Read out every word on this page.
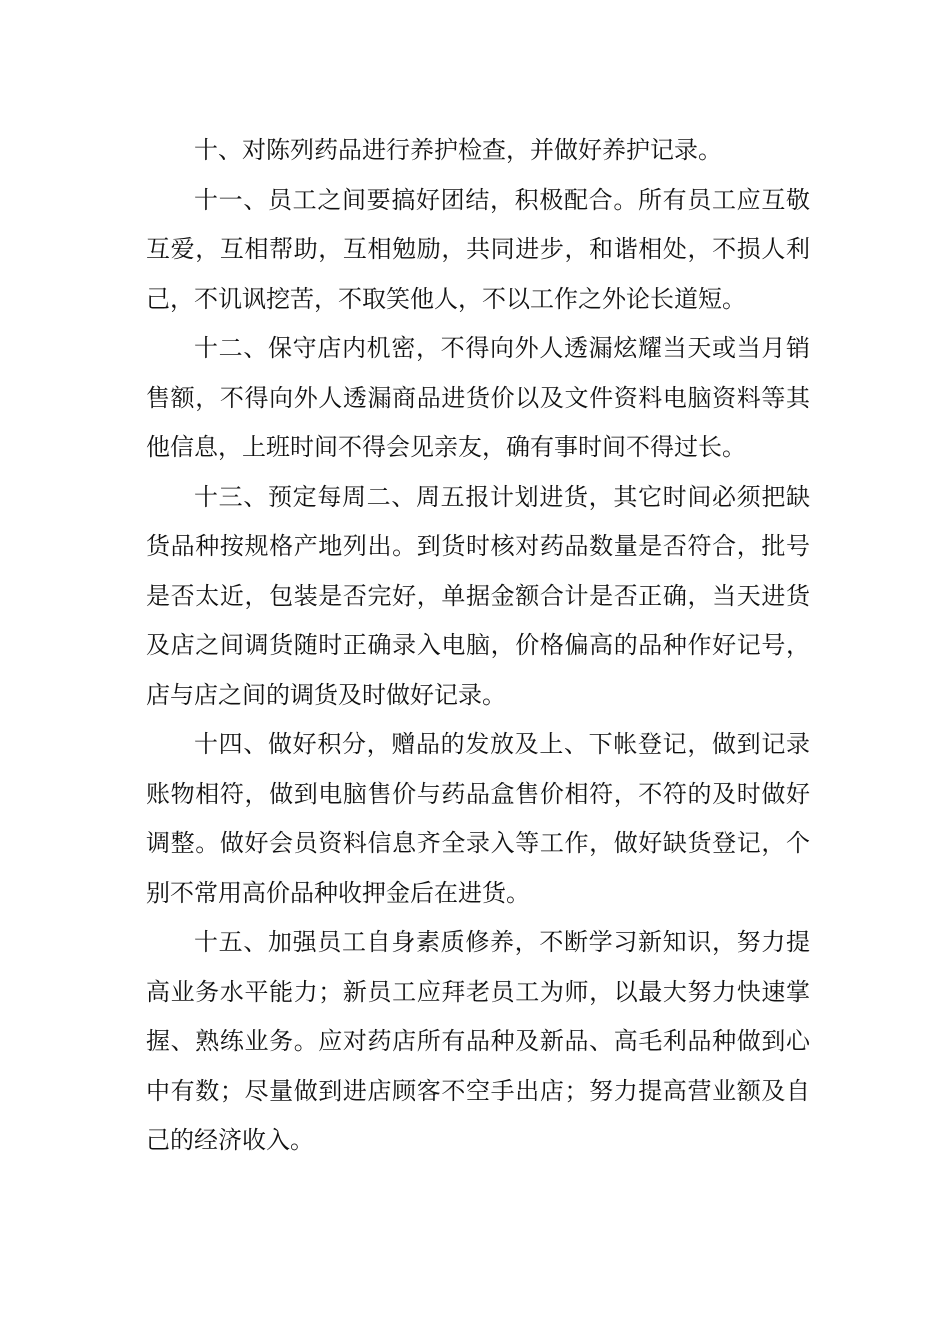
十、对陈列药品进行养护检查，并做好养护记录。

十一、员工之间要搞好团结，积极配合。所有员工应互敬互爱，互相帮助，互相勉励，共同进步，和谐相处，不损人利己，不讥讽挖苦，不取笑他人，不以工作之外论长道短。

十二、保守店内机密，不得向外人透漏炫耀当天或当月销售额，不得向外人透漏商品进货价以及文件资料电脑资料等其他信息，上班时间不得会见亲友，确有事时间不得过长。

十三、预定每周二、周五报计划进货，其它时间必须把缺货品种按规格产地列出。到货时核对药品数量是否符合，批号是否太近，包装是否完好，单据金额合计是否正确，当天进货及店之间调货随时正确录入电脑，价格偏高的品种作好记号，店与店之间的调货及时做好记录。

十四、做好积分，赠品的发放及上、下帐登记，做到记录账物相符，做到电脑售价与药品盒售价相符，不符的及时做好调整。做好会员资料信息齐全录入等工作，做好缺货登记，个别不常用高价品种收押金后在进货。

十五、加强员工自身素质修养，不断学习新知识，努力提高业务水平能力；新员工应拜老员工为师，以最大努力快速掌握、熟练业务。应对药店所有品种及新品、高毛利品种做到心中有数；尽量做到进店顾客不空手出店；努力提高营业额及自己的经济收入。
